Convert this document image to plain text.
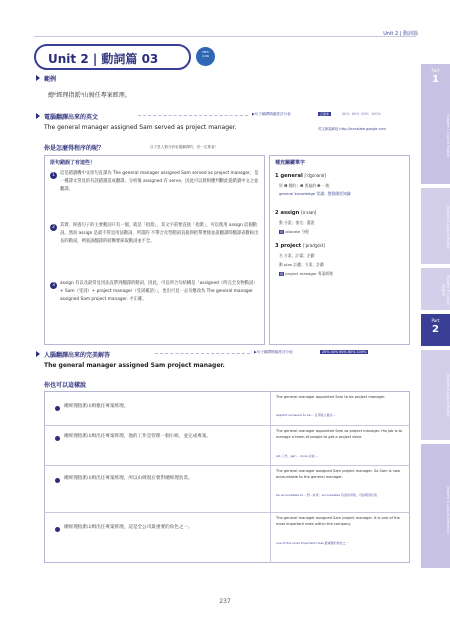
Unit 2 | 動詞篇
Unit 2 | 動詞篇 03	MP3
2-06
範例
總⁰經理指派⁰山姆任專案經理。
電腦翻譯出來的英文	▶句子翻譯精確度評分表	正確率	40% 60% 80% 100%
The general manager assigned Sam served as project manager.	英文線索網址 http://translate.google.com
你是怎麼得程序的呢？	以下是人類分析容器翻譯的，你一定要會！
原句錯誤了有這些！
1	這是錯讀機中文原句直譯為 The general manager assigned Sam served as project manager，是一種譯文常見的有誤錯讀造成翻譯。分析後 assigned 有 serve，因此可以將相應判斷此從錯讀中文之並翻譯。
2	其實，經過句子的主要動詞只有一個，就是「指派」，其文字前要直接「指派」，可以使用 assign 這個動詞。然而 assign 是最不常見用法動詞，所謂的 不帶合及型動詞直接與把帶要使並說翻譯時翻譯表數較出長的動詞，例張說翻譯的結構要採取動詞並不全。
3	assign 有以及最常見用法直帶到翻譯的動詞，因此，可以所合句結構是「assigned（所完全及物動詞）+ Sam（受詞）+ project manager（受詞補語）」，也出可見一去句應改為 The general manager assigned Sam project manager. 才正確。
補充關鍵單字
1 general [ˈdʒɛnərəl]
形 ❶ 總的；❷ 普遍的 ❸ 一般
general knowledge 常識；整個總括知識
2 assign [əˈsaɪn]
動 分派；指定；選派
同 allocate 分配
3 project [ˈprɑdʒɛkt]
名 方案；計畫；企劃
動 plan 計劃；方案；計劃
詞 project manager 專案經理
人腦翻譯出來的完美解答	▶句子翻譯精確度評分表	20% 40% 60% 80% 100%
The general manager assigned Sam project manager.
你也可以這樣說
總經理指派山姆擔任專案經理。
The general manager appointed Sam to be project manager.
appoint someone to be... 任用某人擔任...
總經理指派山姆出任專案經理，他的工作是管理一個小組，並完成專案。
The general manager appointed Sam as project manager. His job is to manage a team of people to get a project done.
job 工作，get ... done 完成…
總經理指派山姆出任專案經理，所以山姆現在要對總經理負責。
The general manager assigned Sam project manager. So Sam is now accountable to the general manager.
be accountable to... 對...負責；accountable 有需負責的，可說明責任的
總經理指派山姆出任專案經理，這是全公司最重要的角色之一。
The general manager assigned Sam project manager. It is one of the most important roles within the company.
one of the most important roles 最重要的角色之一
Part
1
Chapter 1 Logical English
Chapter 2 Logical English
Chapter 3 Logical English
Part
2
Chapter 5 Logical English
Chapter 6 Logical Difference
237
